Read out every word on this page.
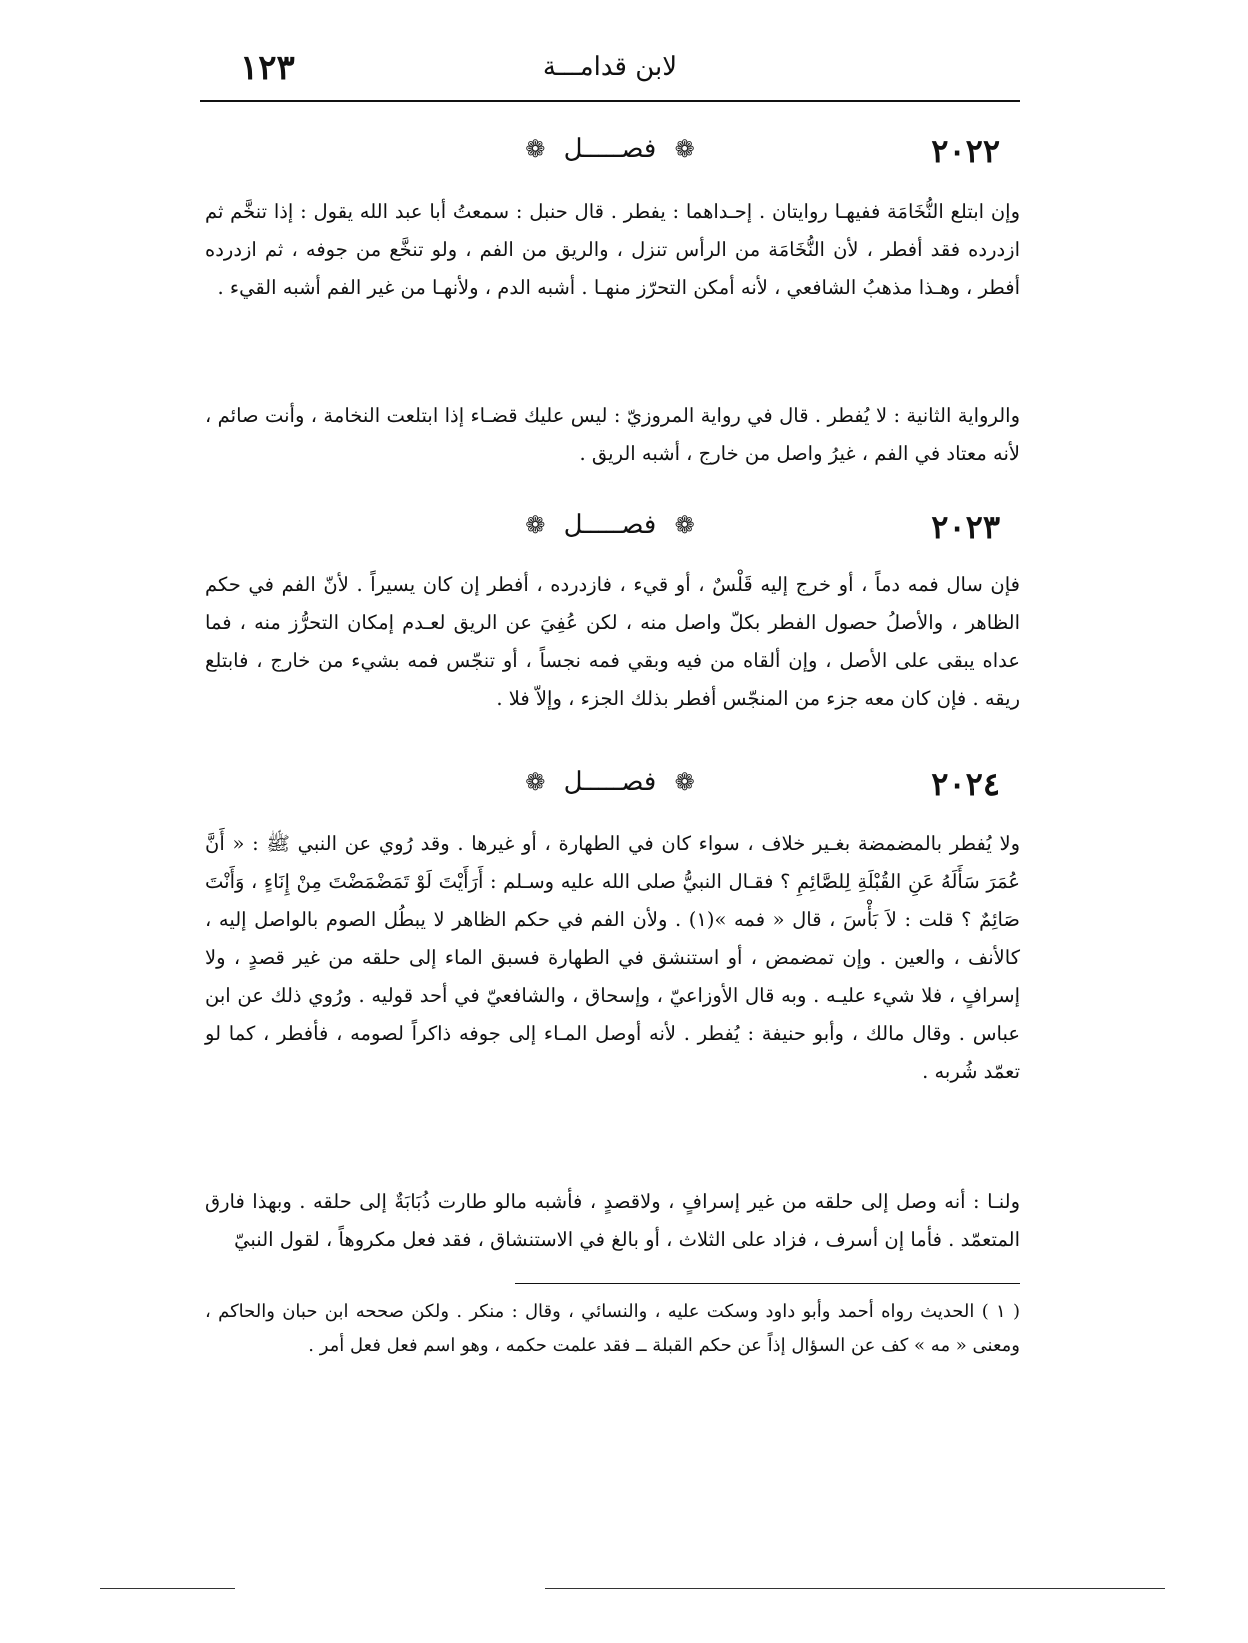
لابن قدامـــة
١٢٣
٢٠٢٢
❁ فصـــــل ❁

وإن ابتلع النُّخَامَة ففيهـا روايتان . إحـداهما : يفطر . قال حنبل : سمعتُ أبا عبد الله يقول : إذا تنخَّم ثم ازدرده فقد أفطر ، لأن النُّخَامَة من الرأس تنزل ، والريق من الفم ، ولو تنخَّع من جوفه ، ثم ازدرده أفطر ، وهـذا مذهبُ الشافعي ، لأنه أمكن التحرّز منهـا . أشبه الدم ، ولأنهـا من غير الفم أشبه القيء .

والرواية الثانية : لا يُفطر . قال في رواية المروزيّ : ليس عليك قضـاء إذا ابتلعت النخامة ، وأنت صائم ، لأنه معتاد في الفم ، غيرُ واصل من خارج ، أشبه الريق .

٢٠٢٣
❁ فصـــــل ❁

فإن سال فمه دماً ، أو خرج إليه قَلْسٌ ، أو قيء ، فازدرده ، أفطر إن كان يسيراً . لأنّ الفم في حكم الظاهر ، والأصلُ حصول الفطر بكلّ واصل منه ، لكن عُفِيَ عن الريق لعـدم إمكان التحرُّز منه ، فما عداه يبقى على الأصل ، وإن ألقاه من فيه وبقي فمه نجساً ، أو تنجّس فمه بشيء من خارج ، فابتلع ريقه . فإن كان معه جزء من المنجّس أفطر بذلك الجزء ، وإلاّ فلا .

٢٠٢٤
❁ فصـــــل ❁

ولا يُفطر بالمضمضة بغـير خلاف ، سواء كان في الطهارة ، أو غيرها . وقد رُوي عن النبي ﷺ : « أَنَّ عُمَرَ سَأَلَهُ عَنِ القُبْلَةِ لِلصَّائِمِ ؟ فقـال النبيُّ صلى الله عليه وسـلم : أَرَأَيْتَ لَوْ تَمَضْمَضْتَ مِنْ إِنَاءٍ ، وَأَنْتَ صَائِمٌ ؟ قلت : لاَ بَأْسَ ، قال « فمه »(١) . ولأن الفم في حكم الظاهر لا يبطُل الصوم بالواصل إليه ، كالأنف ، والعين . وإن تمضمض ، أو استنشق في الطهارة فسبق الماء إلى حلقه من غير قصدٍ ، ولا إسرافٍ ، فلا شيء عليـه . وبه قال الأوزاعيّ ، وإسحاق ، والشافعيّ في أحد قوليه . ورُوي ذلك عن ابن عباس . وقال مالك ، وأبو حنيفة : يُفطر . لأنه أوصل المـاء إلى جوفه ذاكراً لصومه ، فأفطر ، كما لو تعمّد شُربه .

ولنـا : أنه وصل إلى حلقه من غير إسرافٍ ، ولاقصدٍ ، فأشبه مالو طارت ذُبَابَةٌ إلى حلقه . وبهذا فارق المتعمّد . فأما إن أسرف ، فزاد على الثلاث ، أو بالغ في الاستنشاق ، فقد فعل مكروهاً ، لقول النبيّ

( ١ ) الحديث رواه أحمد وأبو داود وسكت عليه ، والنسائي ، وقال : منكر . ولكن صححه ابن حبان والحاكم ، ومعنى « مه » كف عن السؤال إذاً عن حكم القبلة ــ فقد علمت حكمه ، وهو اسم فعل فعل أمر .
